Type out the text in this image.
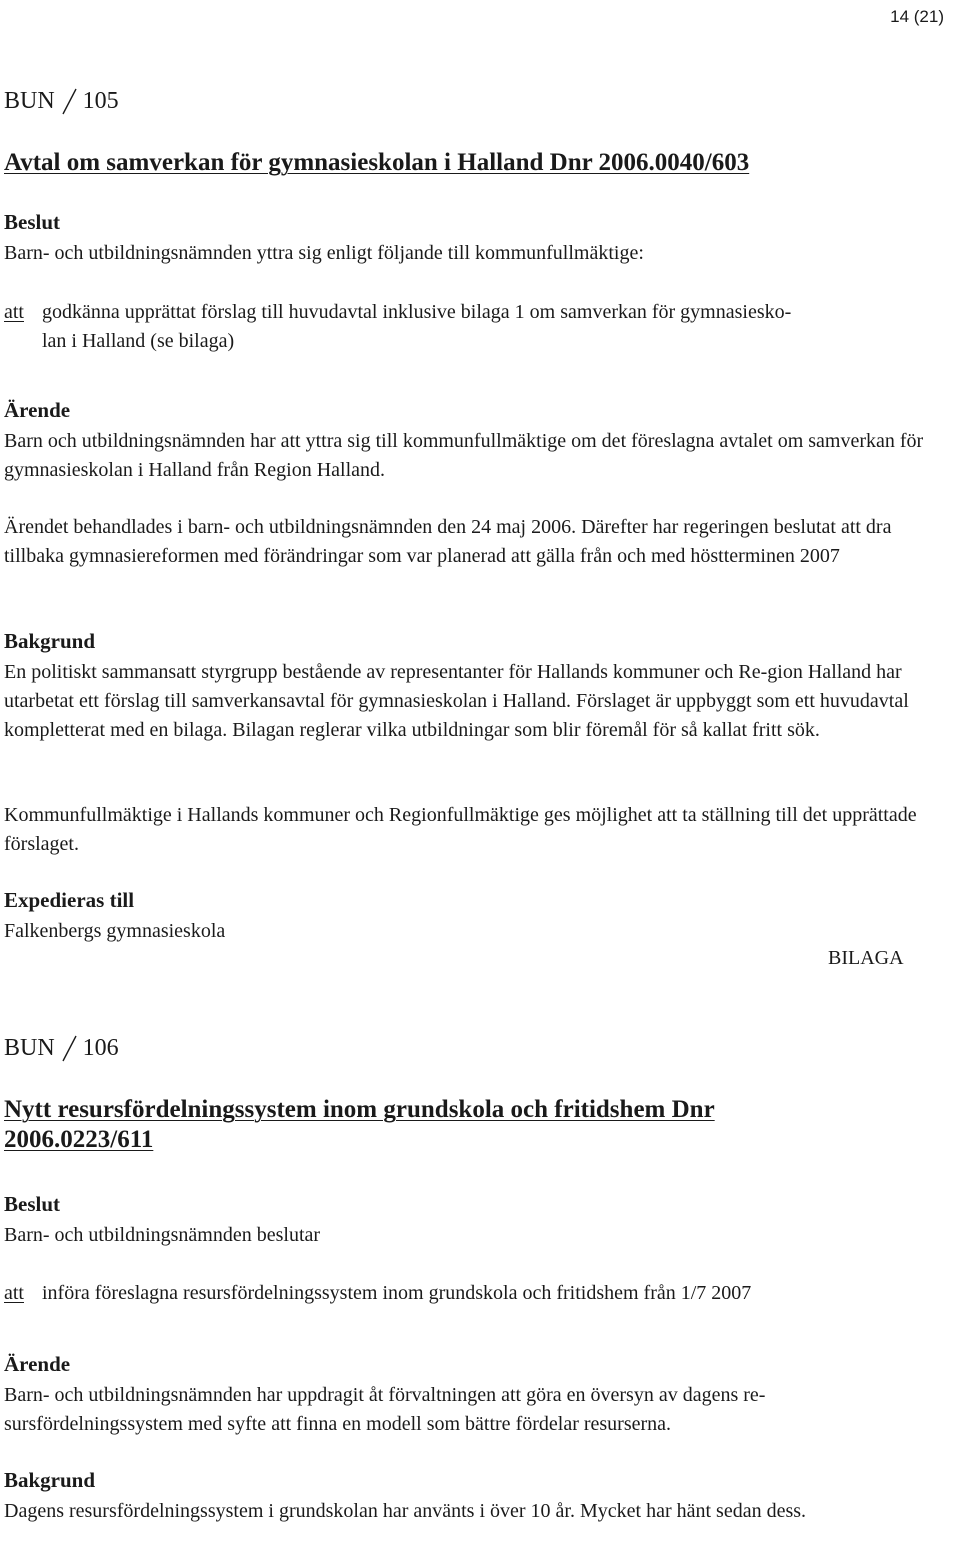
14 (21)
BUN 105
Avtal om samverkan för gymnasieskolan i Halland Dnr 2006.0040/603
Beslut

Barn- och utbildningsnämnden yttra sig enligt följande till kommunfullmäktige:

att godkänna upprättat förslag till huvudavtal inklusive bilaga 1 om samverkan för gymnasiesko-
lan i Halland (se bilaga)
Ärende

Barn och utbildningsnämnden har att yttra sig till kommunfullmäktige om det föreslagna avtalet om samverkan för gymnasieskolan i Halland från Region Halland.

Ärendet behandlades i barn- och utbildningsnämnden den 24 maj 2006. Därefter har regeringen beslutat att dra tillbaka gymnasiereformen med förändringar som var planerad att gälla från och med höstterminen 2007

Bakgrund

En politiskt sammansatt styrgrupp bestående av representanter för Hallands kommuner och Re-gion Halland har utarbetat ett förslag till samverkansavtal för gymnasieskolan i Halland. Förslaget är uppbyggt som ett huvudavtal kompletterat med en bilaga. Bilagan reglerar vilka utbildningar som blir föremål för så kallat fritt sök.

Kommunfullmäktige i Hallands kommuner och Regionfullmäktige ges möjlighet att ta ställning till det upprättade förslaget.

Expedieras till

Falkenbergs gymnasieskola

BILAGA
BUN 106
Nytt resursfördelningssystem inom grundskola och fritidshem Dnr 2006.0223/611
Beslut

Barn- och utbildningsnämnden beslutar

att införa föreslagna resursfördelningssystem inom grundskola och fritidshem från 1/7 2007
Ärende

Barn- och utbildningsnämnden har uppdragit åt förvaltningen att göra en översyn av dagens re-sursfördelningssystem med syfte att finna en modell som bättre fördelar resurserna.

Bakgrund

Dagens resursfördelningssystem i grundskolan har använts i över 10 år. Mycket har hänt sedan dess.
